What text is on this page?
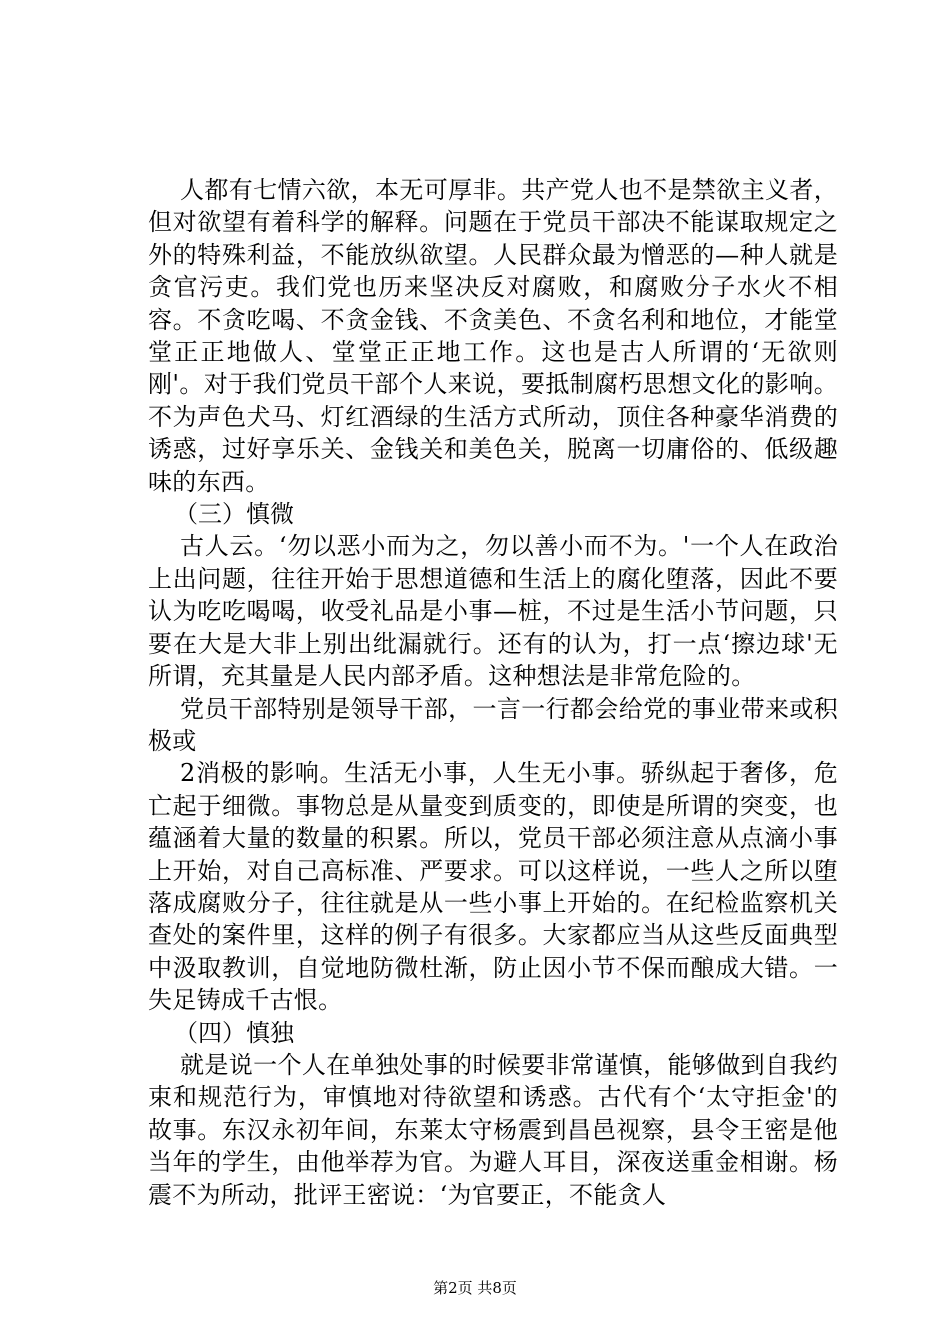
人都有七情六欲，本无可厚非。共产党人也不是禁欲主义者，但对欲望有着科学的解释。问题在于党员干部决不能谋取规定之外的特殊利益，不能放纵欲望。人民群众最为憎恶的—种人就是贪官污吏。我们党也历来坚决反对腐败，和腐败分子水火不相容。不贪吃喝、不贪金钱、不贪美色、不贪名利和地位，才能堂堂正正地做人、堂堂正正地工作。这也是古人所谓的‘无欲则刚'。对于我们党员干部个人来说，要抵制腐朽思想文化的影响。不为声色犬马、灯红酒绿的生活方式所动，顶住各种豪华消费的诱惑，过好享乐关、金钱关和美色关，脱离一切庸俗的、低级趣味的东西。

（三）慎微

古人云。‘勿以恶小而为之，勿以善小而不为。'一个人在政治上出问题，往往开始于思想道德和生活上的腐化堕落，因此不要认为吃吃喝喝，收受礼品是小事—桩，不过是生活小节问题，只要在大是大非上别出纰漏就行。还有的认为，打一点‘擦边球'无所谓，充其量是人民内部矛盾。这种想法是非常危险的。

党员干部特别是领导干部，一言一行都会给党的事业带来或积极或

2消极的影响。生活无小事，人生无小事。骄纵起于奢侈，危亡起于细微。事物总是从量变到质变的，即使是所谓的突变，也蕴涵着大量的数量的积累。所以，党员干部必须注意从点滴小事上开始，对自己高标准、严要求。可以这样说，一些人之所以堕落成腐败分子，往往就是从一些小事上开始的。在纪检监察机关查处的案件里，这样的例子有很多。大家都应当从这些反面典型中汲取教训，自觉地防微杜渐，防止因小节不保而酿成大错。一失足铸成千古恨。

（四）慎独

就是说一个人在单独处事的时候要非常谨慎，能够做到自我约束和规范行为，审慎地对待欲望和诱惑。古代有个‘太守拒金'的故事。东汉永初年间，东莱太守杨震到昌邑视察，县令王密是他当年的学生，由他举荐为官。为避人耳目，深夜送重金相谢。杨震不为所动，批评王密说：‘为官要正，不能贪人

第2页 共8页
